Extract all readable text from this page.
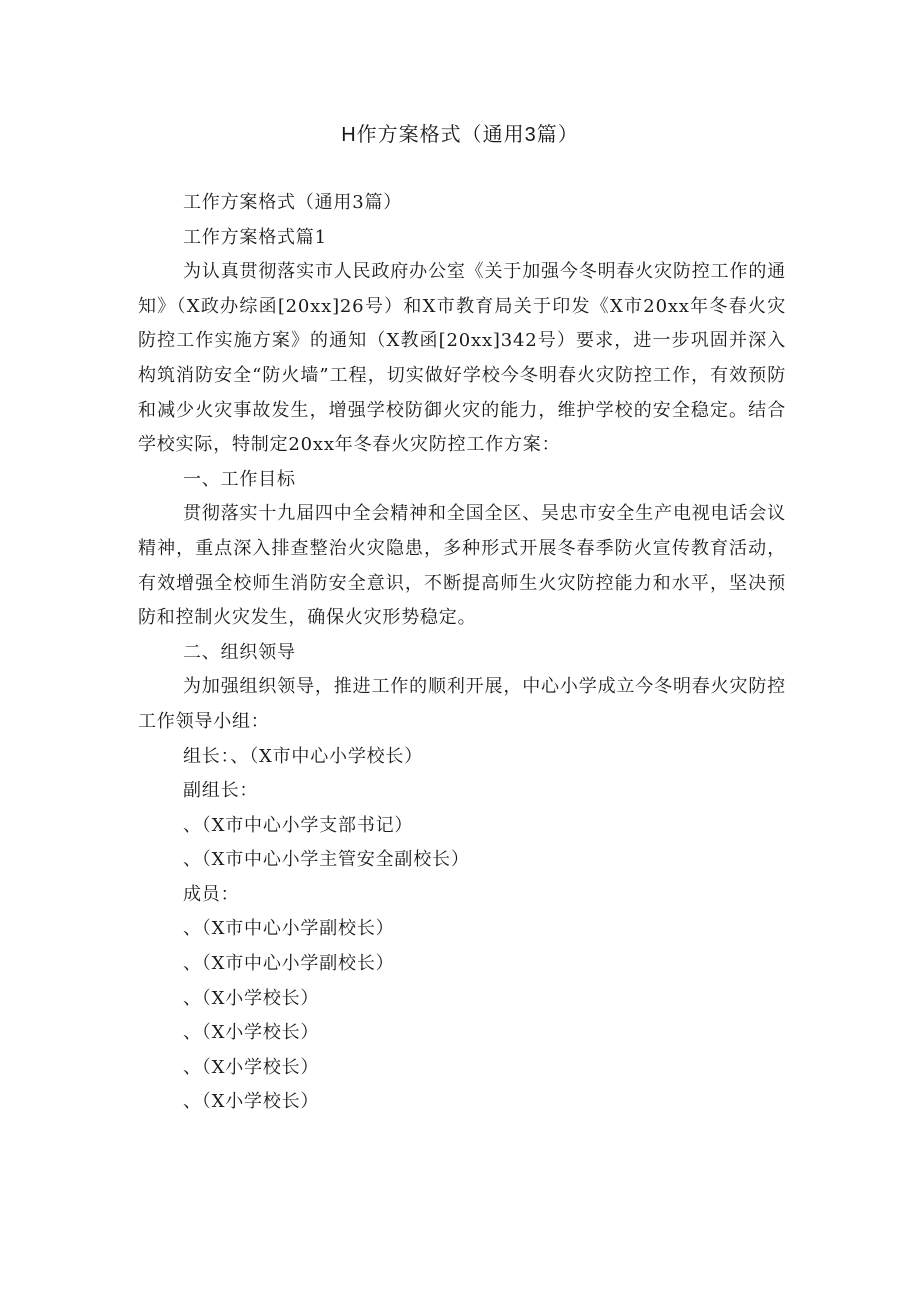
H作方案格式（通用3篇）

工作方案格式（通用3篇）

工作方案格式篇1

为认真贯彻落实市人民政府办公室《关于加强今冬明春火灾防控工作的通知》（X政办综函[20xx]26号）和X市教育局关于印发《X市20xx年冬春火灾防控工作实施方案》的通知（X教函[20xx]342号）要求，进一步巩固并深入构筑消防安全“防火墙”工程，切实做好学校今冬明春火灾防控工作，有效预防和减少火灾事故发生，增强学校防御火灾的能力，维护学校的安全稳定。结合学校实际，特制定20xx年冬春火灾防控工作方案：

一、工作目标

贯彻落实十九届四中全会精神和全国全区、吴忠市安全生产电视电话会议精神，重点深入排查整治火灾隐患，多种形式开展冬春季防火宣传教育活动，有效增强全校师生消防安全意识，不断提高师生火灾防控能力和水平，坚决预防和控制火灾发生，确保火灾形势稳定。

二、组织领导

为加强组织领导，推进工作的顺利开展，中心小学成立今冬明春火灾防控工作领导小组：

组长：、（X市中心小学校长）

副组长：

、（X市中心小学支部书记）

、（X市中心小学主管安全副校长）

成员：

、（X市中心小学副校长）

、（X市中心小学副校长）

、（X小学校长）

、（X小学校长）

、（X小学校长）

、（X小学校长）
